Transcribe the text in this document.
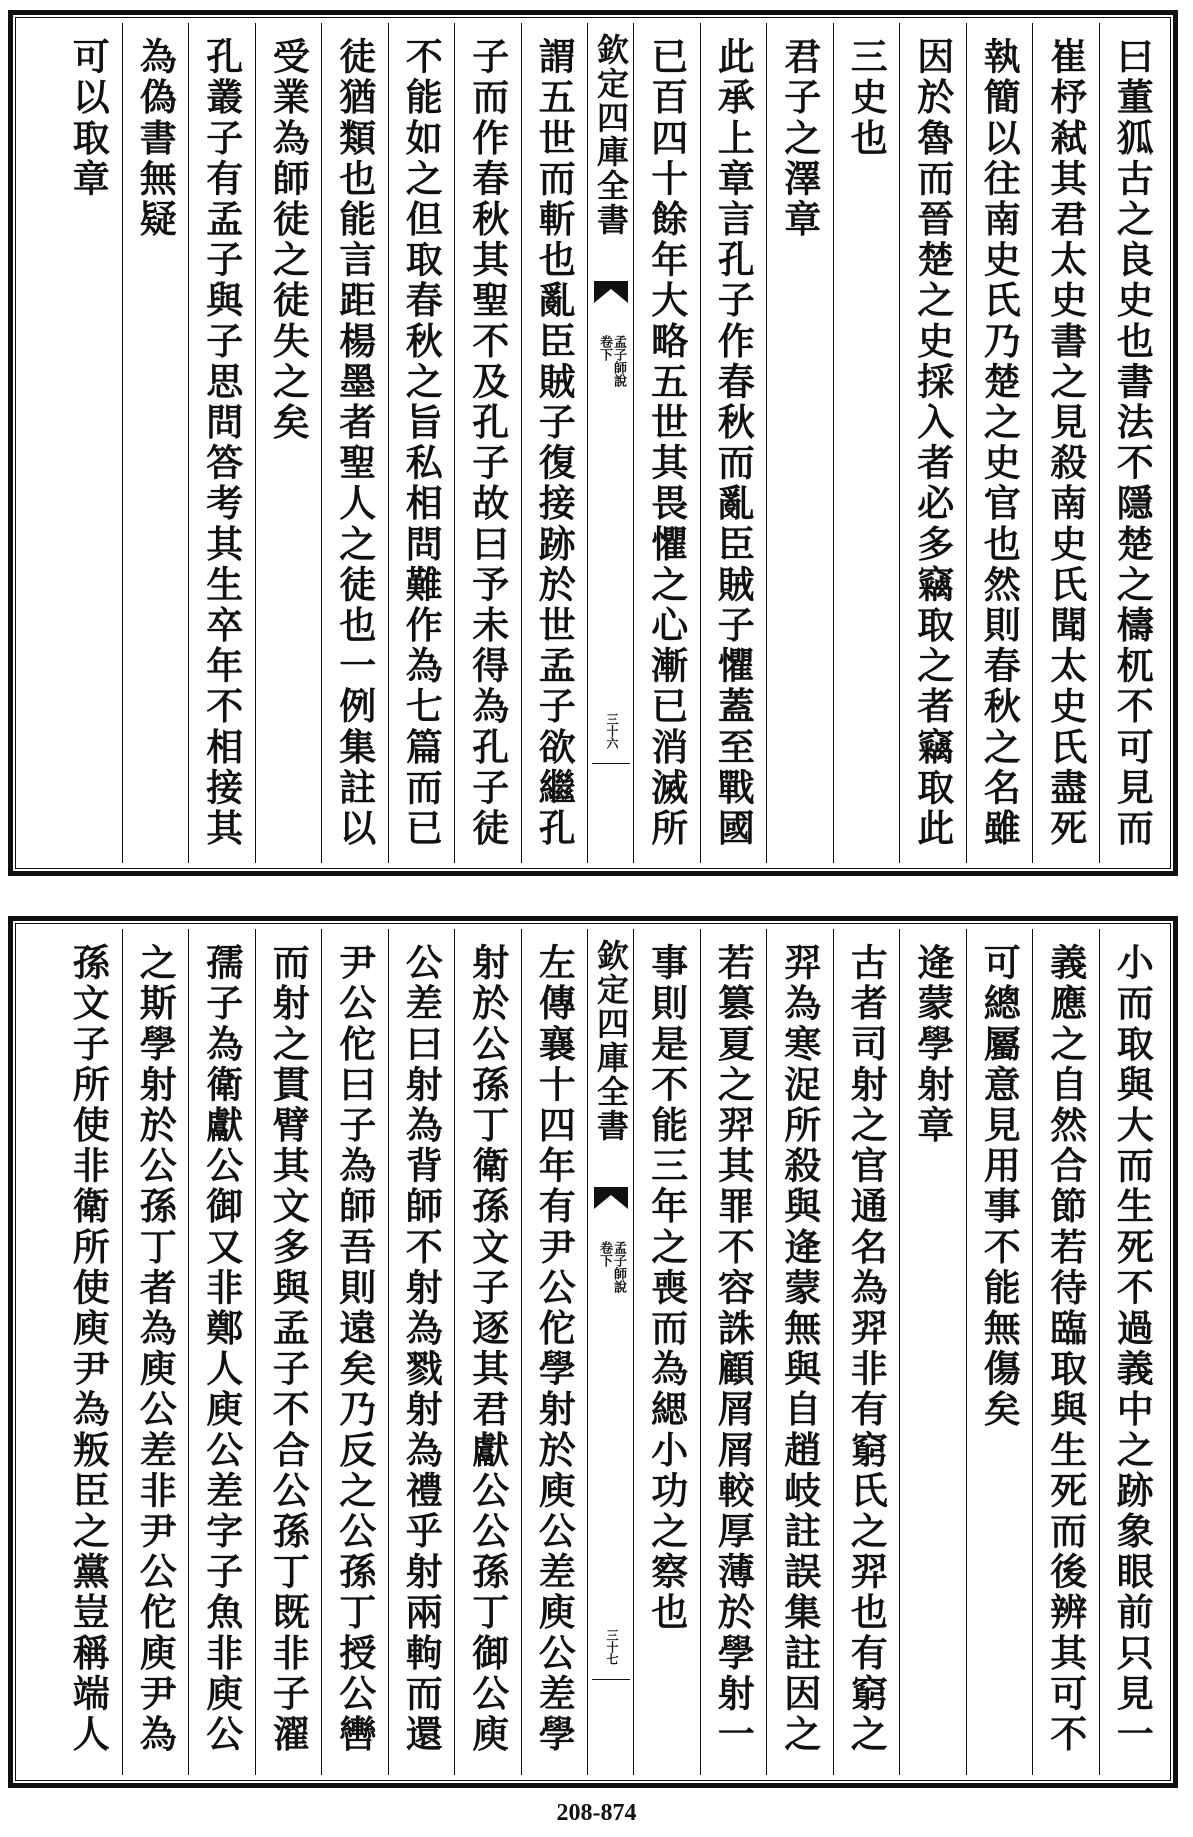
曰董狐古之良史也書法不隱楚之檮杌不可見而
崔杼弒其君太史書之見殺南史氏聞太史氏盡死
執簡以往南史氏乃楚之史官也然則春秋之名雖
因於魯而晉楚之史採入者必多竊取之者竊取此
三史也
君子之澤章
此承上章言孔子作春秋而亂臣賊子懼蓋至戰國
已百四十餘年大略五世其畏懼之心漸已消滅所
欽定四庫全書
孟子師說
卷下
三十六
謂五世而斬也亂臣賊子復接跡於世孟子欲繼孔
子而作春秋其聖不及孔子故曰予未得為孔子徒
不能如之但取春秋之旨私相問難作為七篇而已
徒猶類也能言距楊墨者聖人之徒也一例集註以
受業為師徒之徒失之矣
孔叢子有孟子與子思問答考其生卒年不相接其
為偽書無疑
可以取章
小而取與大而生死不過義中之跡象眼前只見一
義應之自然合節若待臨取與生死而後辨其可不
可總屬意見用事不能無傷矣
逄蒙學射章
古者司射之官通名為羿非有窮氏之羿也有窮之
羿為寒浞所殺與逄蒙無與自趙岐註誤集註因之
若篡夏之羿其罪不容誅顧屑屑較厚薄於學射一
事則是不能三年之喪而為緦小功之察也
欽定四庫全書
孟子師說
卷下
三十七
左傳襄十四年有尹公佗學射於庾公差庾公差學
射於公孫丁衛孫文子逐其君獻公公孫丁御公庾
公差曰射為背師不射為戮射為禮乎射兩軥而還
尹公佗曰子為師吾則遠矣乃反之公孫丁授公轡
而射之貫臂其文多與孟子不合公孫丁既非子濯
孺子為衛獻公御又非鄭人庾公差字子魚非庾公
之斯學射於公孫丁者為庾公差非尹公佗庾尹為
孫文子所使非衛所使庾尹為叛臣之黨豈稱端人
208-874
